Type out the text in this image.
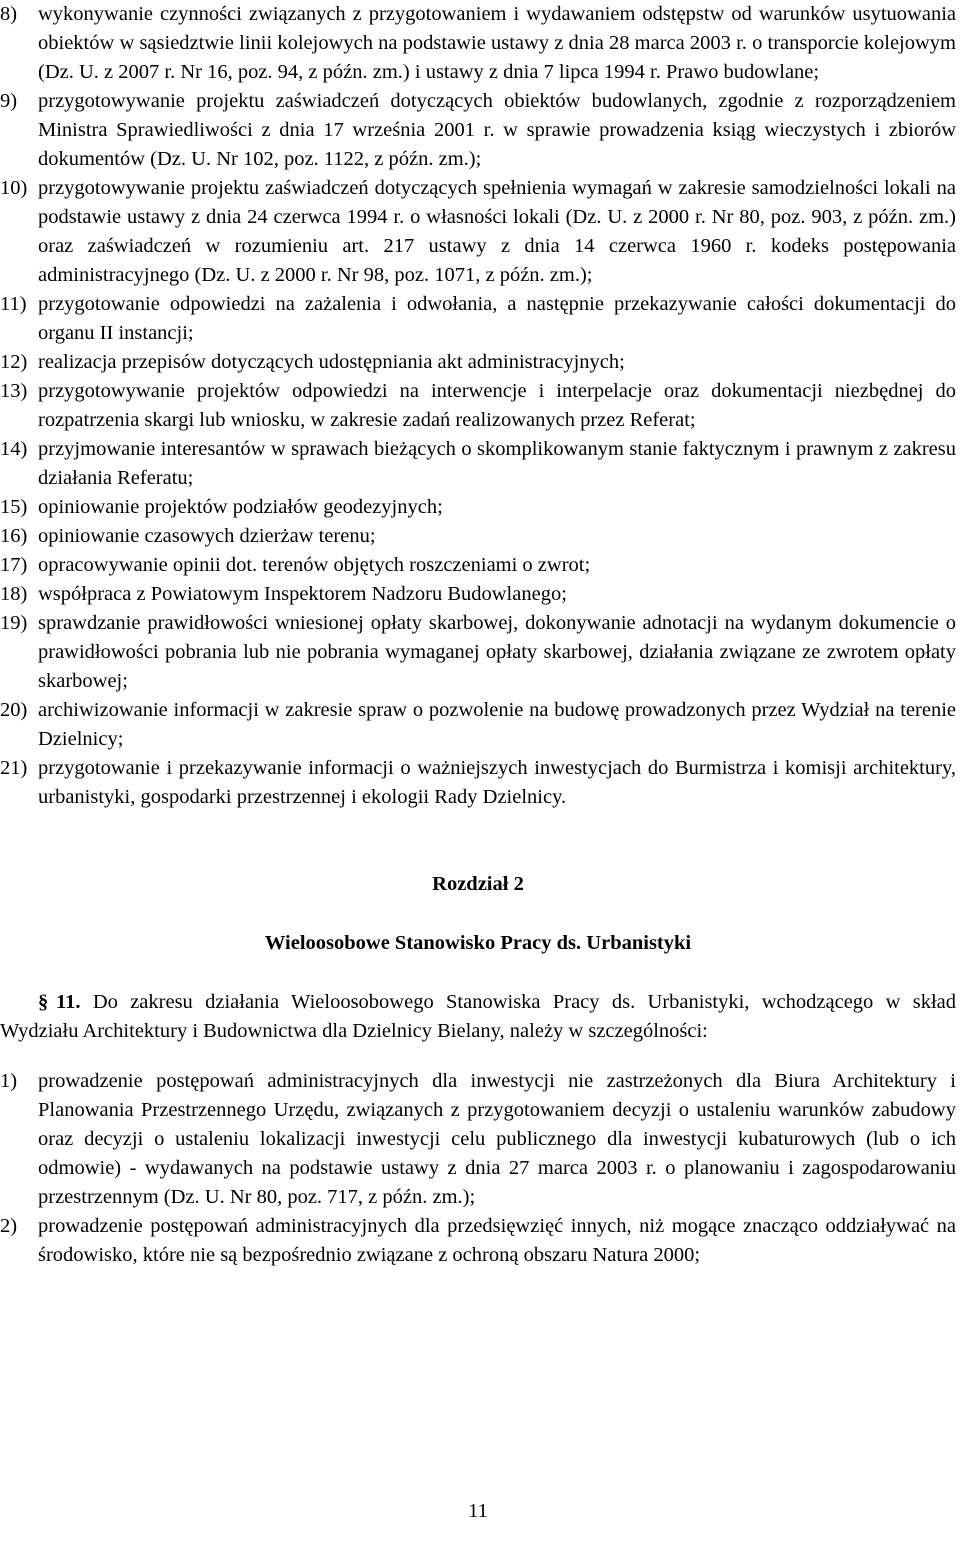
8) wykonywanie czynności związanych z przygotowaniem i wydawaniem odstępstw od warunków usytuowania obiektów w sąsiedztwie linii kolejowych na podstawie ustawy z dnia 28 marca 2003 r. o transporcie kolejowym (Dz. U. z 2007 r. Nr 16, poz. 94, z późn. zm.) i ustawy z dnia 7 lipca 1994 r. Prawo budowlane;
9) przygotowywanie projektu zaświadczeń dotyczących obiektów budowlanych, zgodnie z rozporządzeniem Ministra Sprawiedliwości z dnia 17 września 2001 r. w sprawie prowadzenia ksiąg wieczystych i zbiorów dokumentów (Dz. U. Nr 102, poz. 1122, z późn. zm.);
10) przygotowywanie projektu zaświadczeń dotyczących spełnienia wymagań w zakresie samodzielności lokali na podstawie ustawy z dnia 24 czerwca 1994 r. o własności lokali (Dz. U. z 2000 r. Nr 80, poz. 903, z późn. zm.) oraz zaświadczeń w rozumieniu art. 217 ustawy z dnia 14 czerwca 1960 r. kodeks postępowania administracyjnego (Dz. U. z 2000 r. Nr 98, poz. 1071, z późn. zm.);
11) przygotowanie odpowiedzi na zażalenia i odwołania, a następnie przekazywanie całości dokumentacji do organu II instancji;
12) realizacja przepisów dotyczących udostępniania akt administracyjnych;
13) przygotowywanie projektów odpowiedzi na interwencje i interpelacje oraz dokumentacji niezbędnej do rozpatrzenia skargi lub wniosku, w zakresie zadań realizowanych przez Referat;
14) przyjmowanie interesantów w sprawach bieżących o skomplikowanym stanie faktycznym i prawnym z zakresu działania Referatu;
15) opiniowanie projektów podziałów geodezyjnych;
16) opiniowanie czasowych dzierżaw terenu;
17) opracowywanie opinii dot. terenów objętych roszczeniami o zwrot;
18) współpraca z Powiatowym Inspektorem Nadzoru Budowlanego;
19) sprawdzanie prawidłowości wniesionej opłaty skarbowej, dokonywanie adnotacji na wydanym dokumencie o prawidłowości pobrania lub nie pobrania wymaganej opłaty skarbowej, działania związane ze zwrotem opłaty skarbowej;
20) archiwizowanie informacji w zakresie spraw o pozwolenie na budowę prowadzonych przez Wydział na terenie Dzielnicy;
21) przygotowanie i przekazywanie informacji o ważniejszych inwestycjach do Burmistrza i komisji architektury, urbanistyki, gospodarki przestrzennej i ekologii Rady Dzielnicy.

Rozdział 2

Wieloosobowe Stanowisko Pracy ds. Urbanistyki

§ 11. Do zakresu działania Wieloosobowego Stanowiska Pracy ds. Urbanistyki, wchodzącego w skład Wydziału Architektury i Budownictwa dla Dzielnicy Bielany, należy w szczególności:

1) prowadzenie postępowań administracyjnych dla inwestycji nie zastrzeżonych dla Biura Architektury i Planowania Przestrzennego Urzędu, związanych z przygotowaniem decyzji o ustaleniu warunków zabudowy oraz decyzji o ustaleniu lokalizacji inwestycji celu publicznego dla inwestycji kubaturowych (lub o ich odmowie) - wydawanych na podstawie ustawy z dnia 27 marca 2003 r. o planowaniu i zagospodarowaniu przestrzennym (Dz. U. Nr 80, poz. 717, z późn. zm.);
2) prowadzenie postępowań administracyjnych dla przedsięwzięć innych, niż mogące znacząco oddziaływać na środowisko, które nie są bezpośrednio związane z ochroną obszaru Natura 2000;
11
